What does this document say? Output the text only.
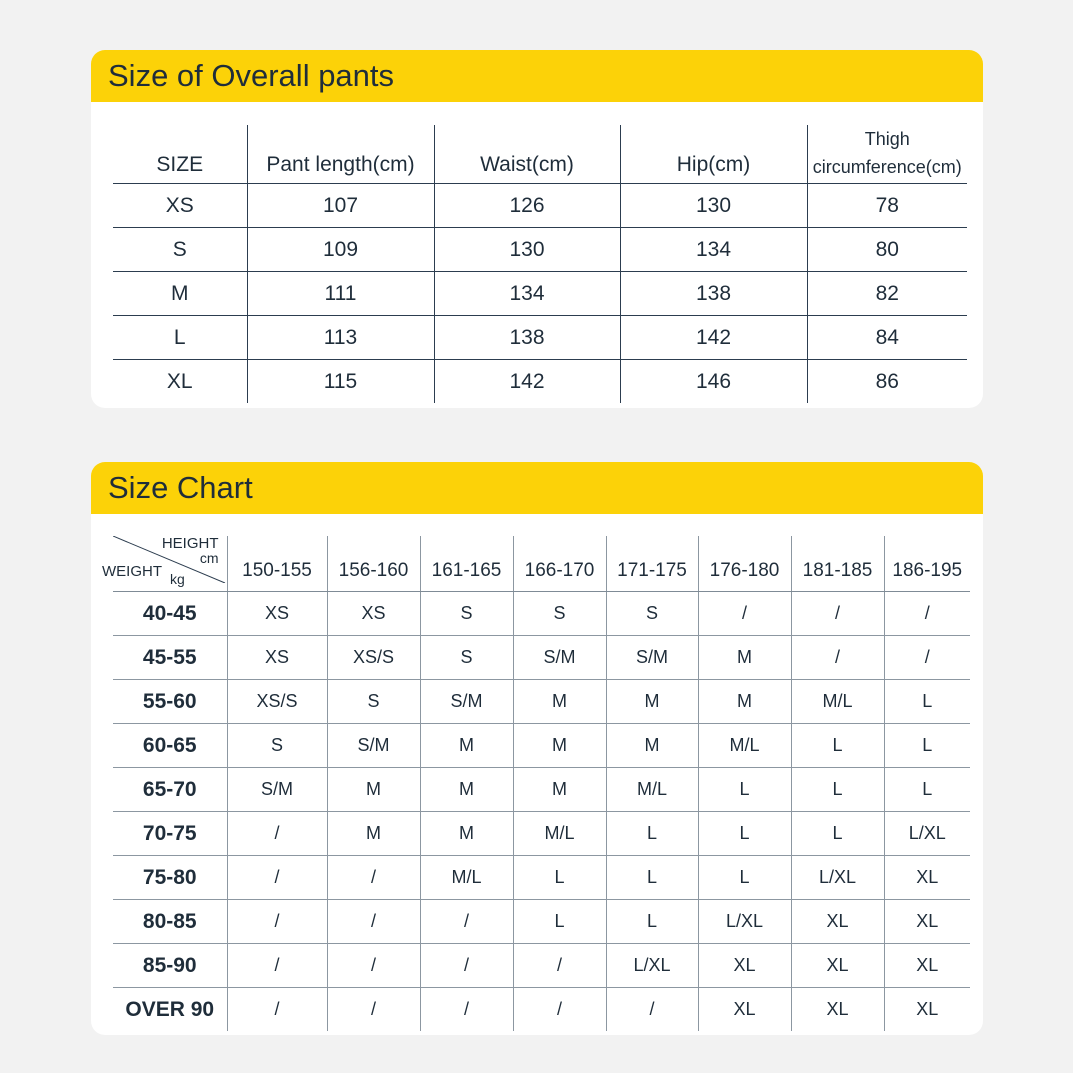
Size of Overall pants
SIZE	Pant length(cm)	Waist(cm)	Hip(cm)	Thigh
circumference(cm)
XS	107	126	130	78
S	109	130	134	80
M	111	134	138	82
L	113	138	142	84
XL	115	142	146	86
Size Chart
HEIGHT
cm
WEIGHT kg	150-155	156-160	161-165	166-170	171-175	176-180	181-185	186-195
40-45	XS	XS	S	S	S	/	/	/
45-55	XS	XS/S	S	S/M	S/M	M	/	/
55-60	XS/S	S	S/M	M	M	M	M/L	L
60-65	S	S/M	M	M	M	M/L	L	L
65-70	S/M	M	M	M	M/L	L	L	L
70-75	/	M	M	M/L	L	L	L	L/XL
75-80	/	/	M/L	L	L	L	L/XL	XL
80-85	/	/	/	L	L	L/XL	XL	XL
85-90	/	/	/	/	L/XL	XL	XL	XL
OVER 90	/	/	/	/	/	XL	XL	XL
